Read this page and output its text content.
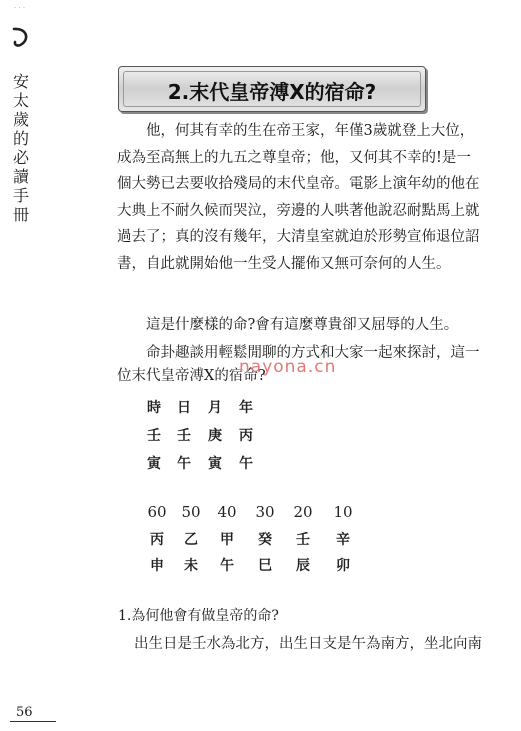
· · ·
安
太
歲
的
必
讀
手
冊
2.末代皇帝溥X的宿命?
他，何其有幸的生在帝王家，年僅3歲就登上大位，
成為至高無上的九五之尊皇帝；他，又何其不幸的!是一
個大勢已去要收拾殘局的末代皇帝。電影上演年幼的他在
大典上不耐久候而哭泣，旁邊的人哄著他說忍耐點馬上就
過去了；真的沒有幾年，大清皇室就迫於形勢宣佈退位詔
書，自此就開始他一生受人擺佈又無可奈何的人生。
這是什麼樣的命?會有這麼尊貴卻又屈辱的人生。
命卦趣談用輕鬆閒聊的方式和大家一起來探討，這一
位末代皇帝溥X的宿命?
nayona.cn
時	日	月	年
壬	壬	庚	丙
寅	午	寅	午
60 50 40 30 20 10
丙	乙	甲	癸	壬	辛
申	未	午	巳	辰	卯
1.為何他會有做皇帝的命?
出生日是壬水為北方，出生日支是午為南方，坐北向南
56
